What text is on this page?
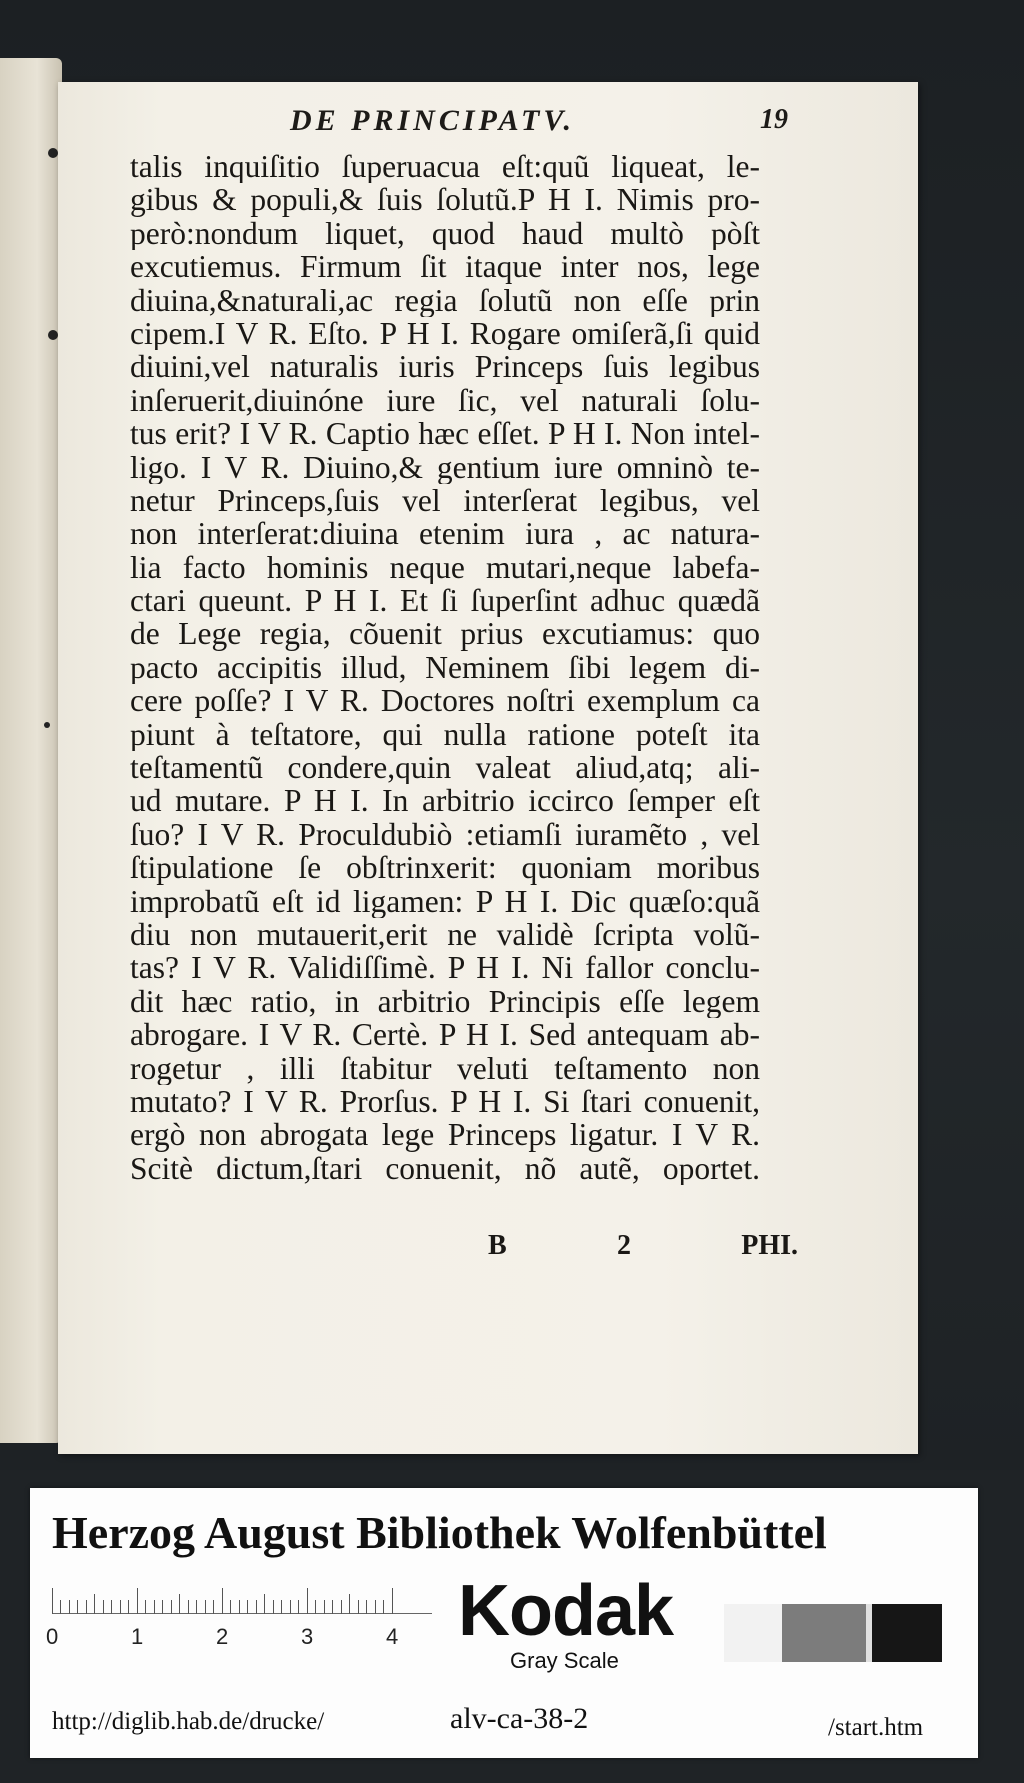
DE PRINCIPATV.	19
talis inquiſitio ſuperuacua eſt:quũ liqueat, le-
gibus & populi,& ſuis ſolutũ.P H I. Nimis pro-
però:nondum liquet, quod haud multò pòſt
excutiemus. Firmum ſit itaque inter nos, lege
diuina,&naturali,ac regia ſolutũ non eſſe prin
cipem.I V R. Eſto. P H I. Rogare omiſerã,ſi quid
diuini,vel naturalis iuris Princeps ſuis legibus
inſeruerit,diuinóne iure ſic, vel naturali ſolu-
tus erit? I V R. Captio hæc eſſet. P H I. Non intel-
ligo. I V R. Diuino,& gentium iure omninò te-
netur Princeps,ſuis vel interſerat legibus, vel
non interſerat:diuina etenim iura , ac natura-
lia facto hominis neque mutari,neque labefa-
ctari queunt. P H I. Et ſi ſuperſint adhuc quædã
de Lege regia, cõuenit prius excutiamus: quo
pacto accipitis illud, Neminem ſibi legem di-
cere poſſe? I V R. Doctores noſtri exemplum ca
piunt à teſtatore, qui nulla ratione poteſt ita
teſtamentũ condere,quin valeat aliud,atq; ali-
ud mutare. P H I. In arbitrio iccirco ſemper eſt
ſuo? I V R. Proculdubiò :etiamſi iuramẽto , vel
ſtipulatione ſe obſtrinxerit: quoniam moribus
improbatũ eſt id ligamen: P H I. Dic quæſo:quã
diu non mutauerit,erit ne validè ſcripta volũ-
tas? I V R. Validiſſimè. P H I. Ni fallor conclu-
dit hæc ratio, in arbitrio Principis eſſe legem
abrogare. I V R. Certè. P H I. Sed antequam ab-
rogetur , illi ſtabitur veluti teſtamento non
mutato? I V R. Prorſus. P H I. Si ſtari conuenit,
ergò non abrogata lege Princeps ligatur. I V R.
Scitè dictum,ſtari conuenit, nõ autẽ, oportet.
B	2	PHI.
Herzog August Bibliothek Wolfenbüttel
0	1	2	3	4 Kodak
Gray Scale
http://diglib.hab.de/drucke/	alv-ca-38-2	/start.htm
